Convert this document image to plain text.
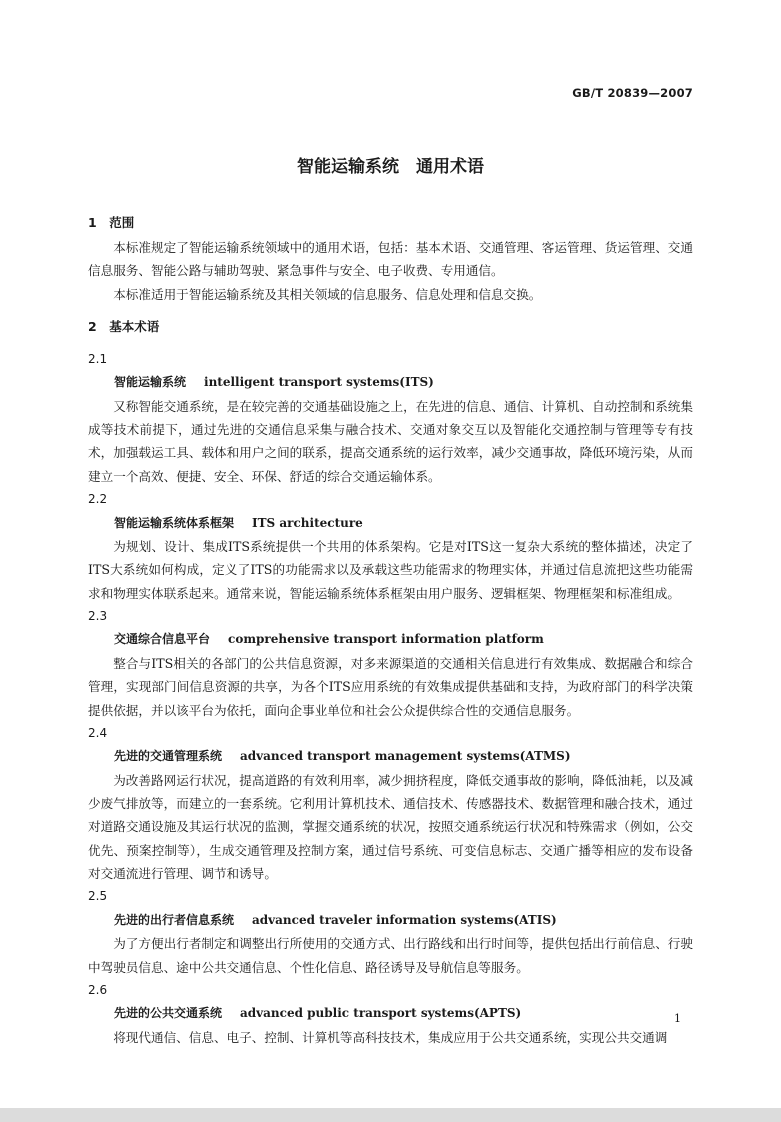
GB/T 20839—2007
智能运输系统　通用术语
1　范围

本标准规定了智能运输系统领域中的通用术语，包括：基本术语、交通管理、客运管理、货运管理、交通信息服务、智能公路与辅助驾驶、紧急事件与安全、电子收费、专用通信。

本标准适用于智能运输系统及其相关领域的信息服务、信息处理和信息交换。

2　基本术语
2.1
智能运输系统 intelligent transport systems(ITS)

又称智能交通系统，是在较完善的交通基础设施之上，在先进的信息、通信、计算机、自动控制和系统集成等技术前提下，通过先进的交通信息采集与融合技术、交通对象交互以及智能化交通控制与管理等专有技术，加强载运工具、载体和用户之间的联系，提高交通系统的运行效率，减少交通事故，降低环境污染，从而建立一个高效、便捷、安全、环保、舒适的综合交通运输体系。

2.2
智能运输系统体系框架 ITS architecture

为规划、设计、集成ITS系统提供一个共用的体系架构。它是对ITS这一复杂大系统的整体描述，决定了ITS大系统如何构成，定义了ITS的功能需求以及承载这些功能需求的物理实体，并通过信息流把这些功能需求和物理实体联系起来。通常来说，智能运输系统体系框架由用户服务、逻辑框架、物理框架和标准组成。

2.3
交通综合信息平台 comprehensive transport information platform

整合与ITS相关的各部门的公共信息资源，对多来源渠道的交通相关信息进行有效集成、数据融合和综合管理，实现部门间信息资源的共享，为各个ITS应用系统的有效集成提供基础和支持，为政府部门的科学决策提供依据，并以该平台为依托，面向企事业单位和社会公众提供综合性的交通信息服务。

2.4
先进的交通管理系统 advanced transport management systems(ATMS)

为改善路网运行状况，提高道路的有效利用率，减少拥挤程度，降低交通事故的影响，降低油耗，以及减少废气排放等，而建立的一套系统。它利用计算机技术、通信技术、传感器技术、数据管理和融合技术，通过对道路交通设施及其运行状况的监测，掌握交通系统的状况，按照交通系统运行状况和特殊需求（例如，公交优先、预案控制等），生成交通管理及控制方案，通过信号系统、可变信息标志、交通广播等相应的发布设备对交通流进行管理、调节和诱导。

2.5
先进的出行者信息系统 advanced traveler information systems(ATIS)

为了方便出行者制定和调整出行所使用的交通方式、出行路线和出行时间等，提供包括出行前信息、行驶中驾驶员信息、途中公共交通信息、个性化信息、路径诱导及导航信息等服务。

2.6
先进的公共交通系统 advanced public transport systems(APTS)

将现代通信、信息、电子、控制、计算机等高科技技术，集成应用于公共交通系统，实现公共交通调

1
